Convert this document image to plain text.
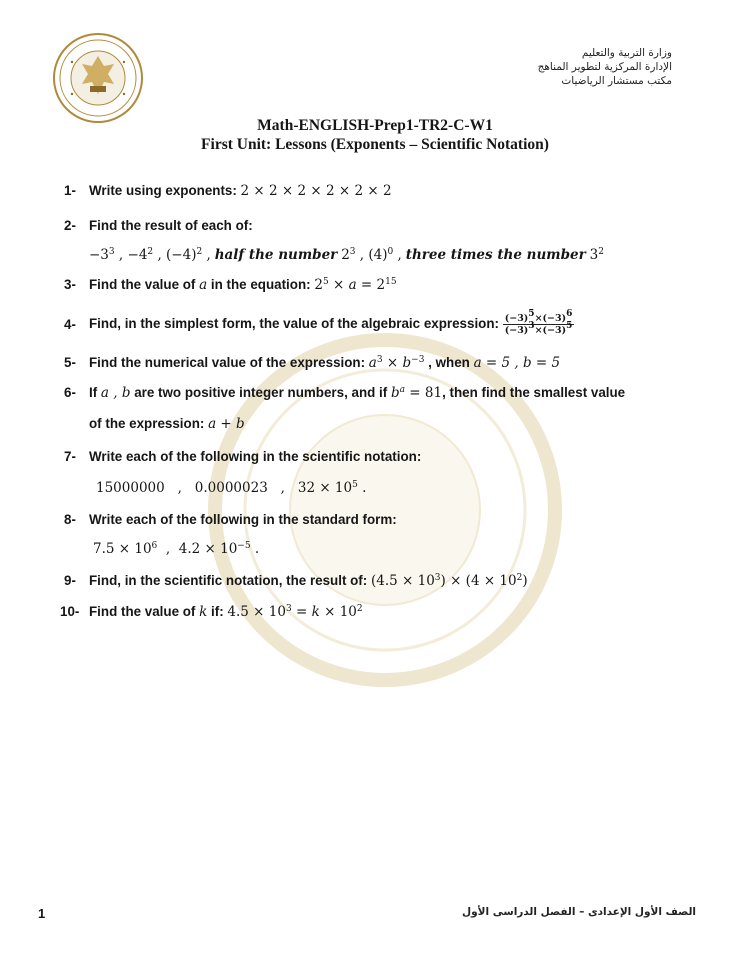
وزارة التربية والتعليم
الإدارة المركزية لتطوير المناهج
مكتب مستشار الرياضيات
Math-ENGLISH-Prep1-TR2-C-W1
First Unit: Lessons (Exponents – Scientific Notation)
1- Write using exponents: 2 × 2 × 2 × 2 × 2 × 2
2- Find the result of each of:
$-3^3$ , $-4^2$ , $(-4)^2$ , half the number $2^3$ , $(4)^0$ , three times the number $3^2$
3- Find the value of a in the equation: $2^5 \times a = 2^{15}$
4- Find, in the simplest form, the value of the algebraic expression: $\frac{(-3)^5\times(-3)^6}{(-3)^3\times(-3)^5}$
5- Find the numerical value of the expression: $a^3 \times b^{-3}$ , when a = 5 , b = 5
6- If a , b are two positive integer numbers, and if $b^a = 81$, then find the smallest value
of the expression: a + b
7- Write each of the following in the scientific notation:
15000000   ,   0.0000023   ,   $32 \times 10^5$ .
8- Write each of the following in the standard form:
$7.5 \times 10^6$  ,  $4.2 \times 10^{-5}$ .
9- Find, in the scientific notation, the result of: $(4.5 \times 10^3) \times (4 \times 10^2)$
10- Find the value of k if: $4.5 \times 10^3 = k \times 10^2$
1	الصف الأول الإعدادى – الفصل الدراسى الأول
